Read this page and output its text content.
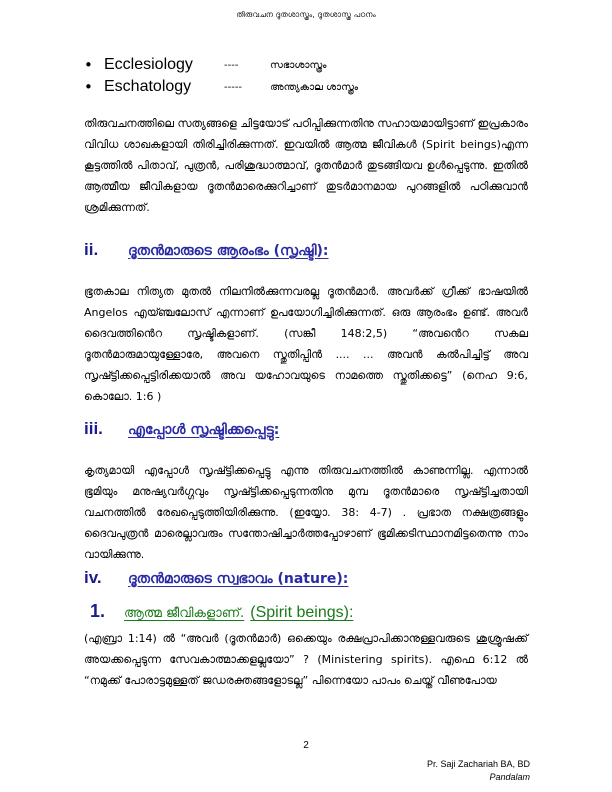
തിരുവചന ദൂതശാസ്ത്രം, ദൂതശാസ്ത്ര പഠനം
• Ecclesiology	----	സഭാശാസ്ത്രം
• Eschatology	-----	അന്ത്യകാല ശാസ്ത്രം

തിരുവചനത്തിലെ സത്യങ്ങളെ ചിട്ടയോട് പഠിപ്പിക്കുന്നതിനു സഹായമായിട്ടാണ് ഇപ്രകാരം വിവിധ ശാഖകളായി തിരിച്ചിരിക്കുന്നത്. ഇവയിൽ ആത്മ ജീവികൾ (Spirit beings)എന്ന കൂട്ടത്തിൽ പിതാവ്, പുത്രൻ, പരിശുദ്ധാത്മാവ്, ദൂതൻമാർ തുടങ്ങിയവ ഉൾപ്പെടുന്നു. ഇതിൽ ആത്മീയ ജീവികളായ ദൂതൻമാരെക്കുറിച്ചാണ് തുടർമാനമായ പുറങ്ങളിൽ പഠിക്കുവാൻ ശ്രമിക്കുന്നത്.

ii.	ദൂതൻമാരുടെ ആരംഭം (സൃഷ്ടി):

ഭൂതകാല നിത്യത മുതൽ നിലനിൽക്കുന്നവരല്ല ദൂതൻമാർ. അവർക്ക് ഗ്രീക്ക് ഭാഷയിൽ Angelos എയ്ഞ്ചലോസ് എന്നാണ് ഉപയോഗിച്ചിരിക്കുന്നത്. ഒരു ആരംഭം ഉണ്ട്. അവർ ദൈവത്തിൻെറ സൃഷ്ടികളാണ്. (സങ്കീ 148:2,5) “അവൻെറ സകല ദൂതൻമാരുമായുള്ളോരേ, അവനെ സ്തുതിപ്പിൻ .... ... അവൻ കൽപിച്ചിട്ട് അവ സൃഷ്ട്ടിക്കപ്പെട്ടിരിക്കയാൽ അവ യഹോവയുടെ നാമത്തെ സ്തുതിക്കട്ടെ” (നെഹ 9:6, കൊലോ. 1:6 )

iii.	എപ്പോൾ സൃഷ്ടിക്കപ്പെട്ടു:

കൃത്യമായി എപ്പോൾ സൃഷ്ട്ടിക്കപ്പെട്ടു എന്നു തിരുവചനത്തിൽ കാണുന്നില്ല. എന്നാൽ ഭൂമിയും മനുഷ്യവർഗ്ഗവും സൃഷ്ട്ടിക്കപ്പെടുന്നതിനു മുമ്പ ദൂതൻമാരെ സൃഷ്ട്ടിച്ചതായി വചനത്തിൽ രേഖപ്പെടുത്തിയിരിക്കുന്നു. (ഇയ്യോ. 38: 4-7) . പ്രഭാത നക്ഷത്രങ്ങളും ദൈവപുത്രൻ മാരെല്ലാവരും സന്തോഷിച്ചാർത്തപ്പോഴാണ് ഭൂമിക്കടിസ്ഥാനമിട്ടതെന്നു നാം വായിക്കുന്നു.

iv.	ദൂതൻമാരുടെ സ്വഭാവം (nature):
1.	ആത്മ ജീവികളാണ്. (Spirit beings):

(എബ്രാ 1:14) ൽ “അവർ (ദൂതൻമാർ) ഒക്കെയും രക്ഷപ്രാപിക്കാനുള്ളവരുടെ ശുശ്രൂഷക്ക് അയക്കപ്പെടുന്ന സേവകാത്മാക്കളല്ലയോ” ? (Ministering spirits). എഫെ 6:12 ൽ “നമുക്ക് പോരാട്ടമുള്ളത് ജഡരക്തങ്ങളോടല്ല” പിന്നെയോ പാപം ചെയ്ത് വീണുപോയ

2
Pr. Saji Zachariah BA, BD
Pandalam
